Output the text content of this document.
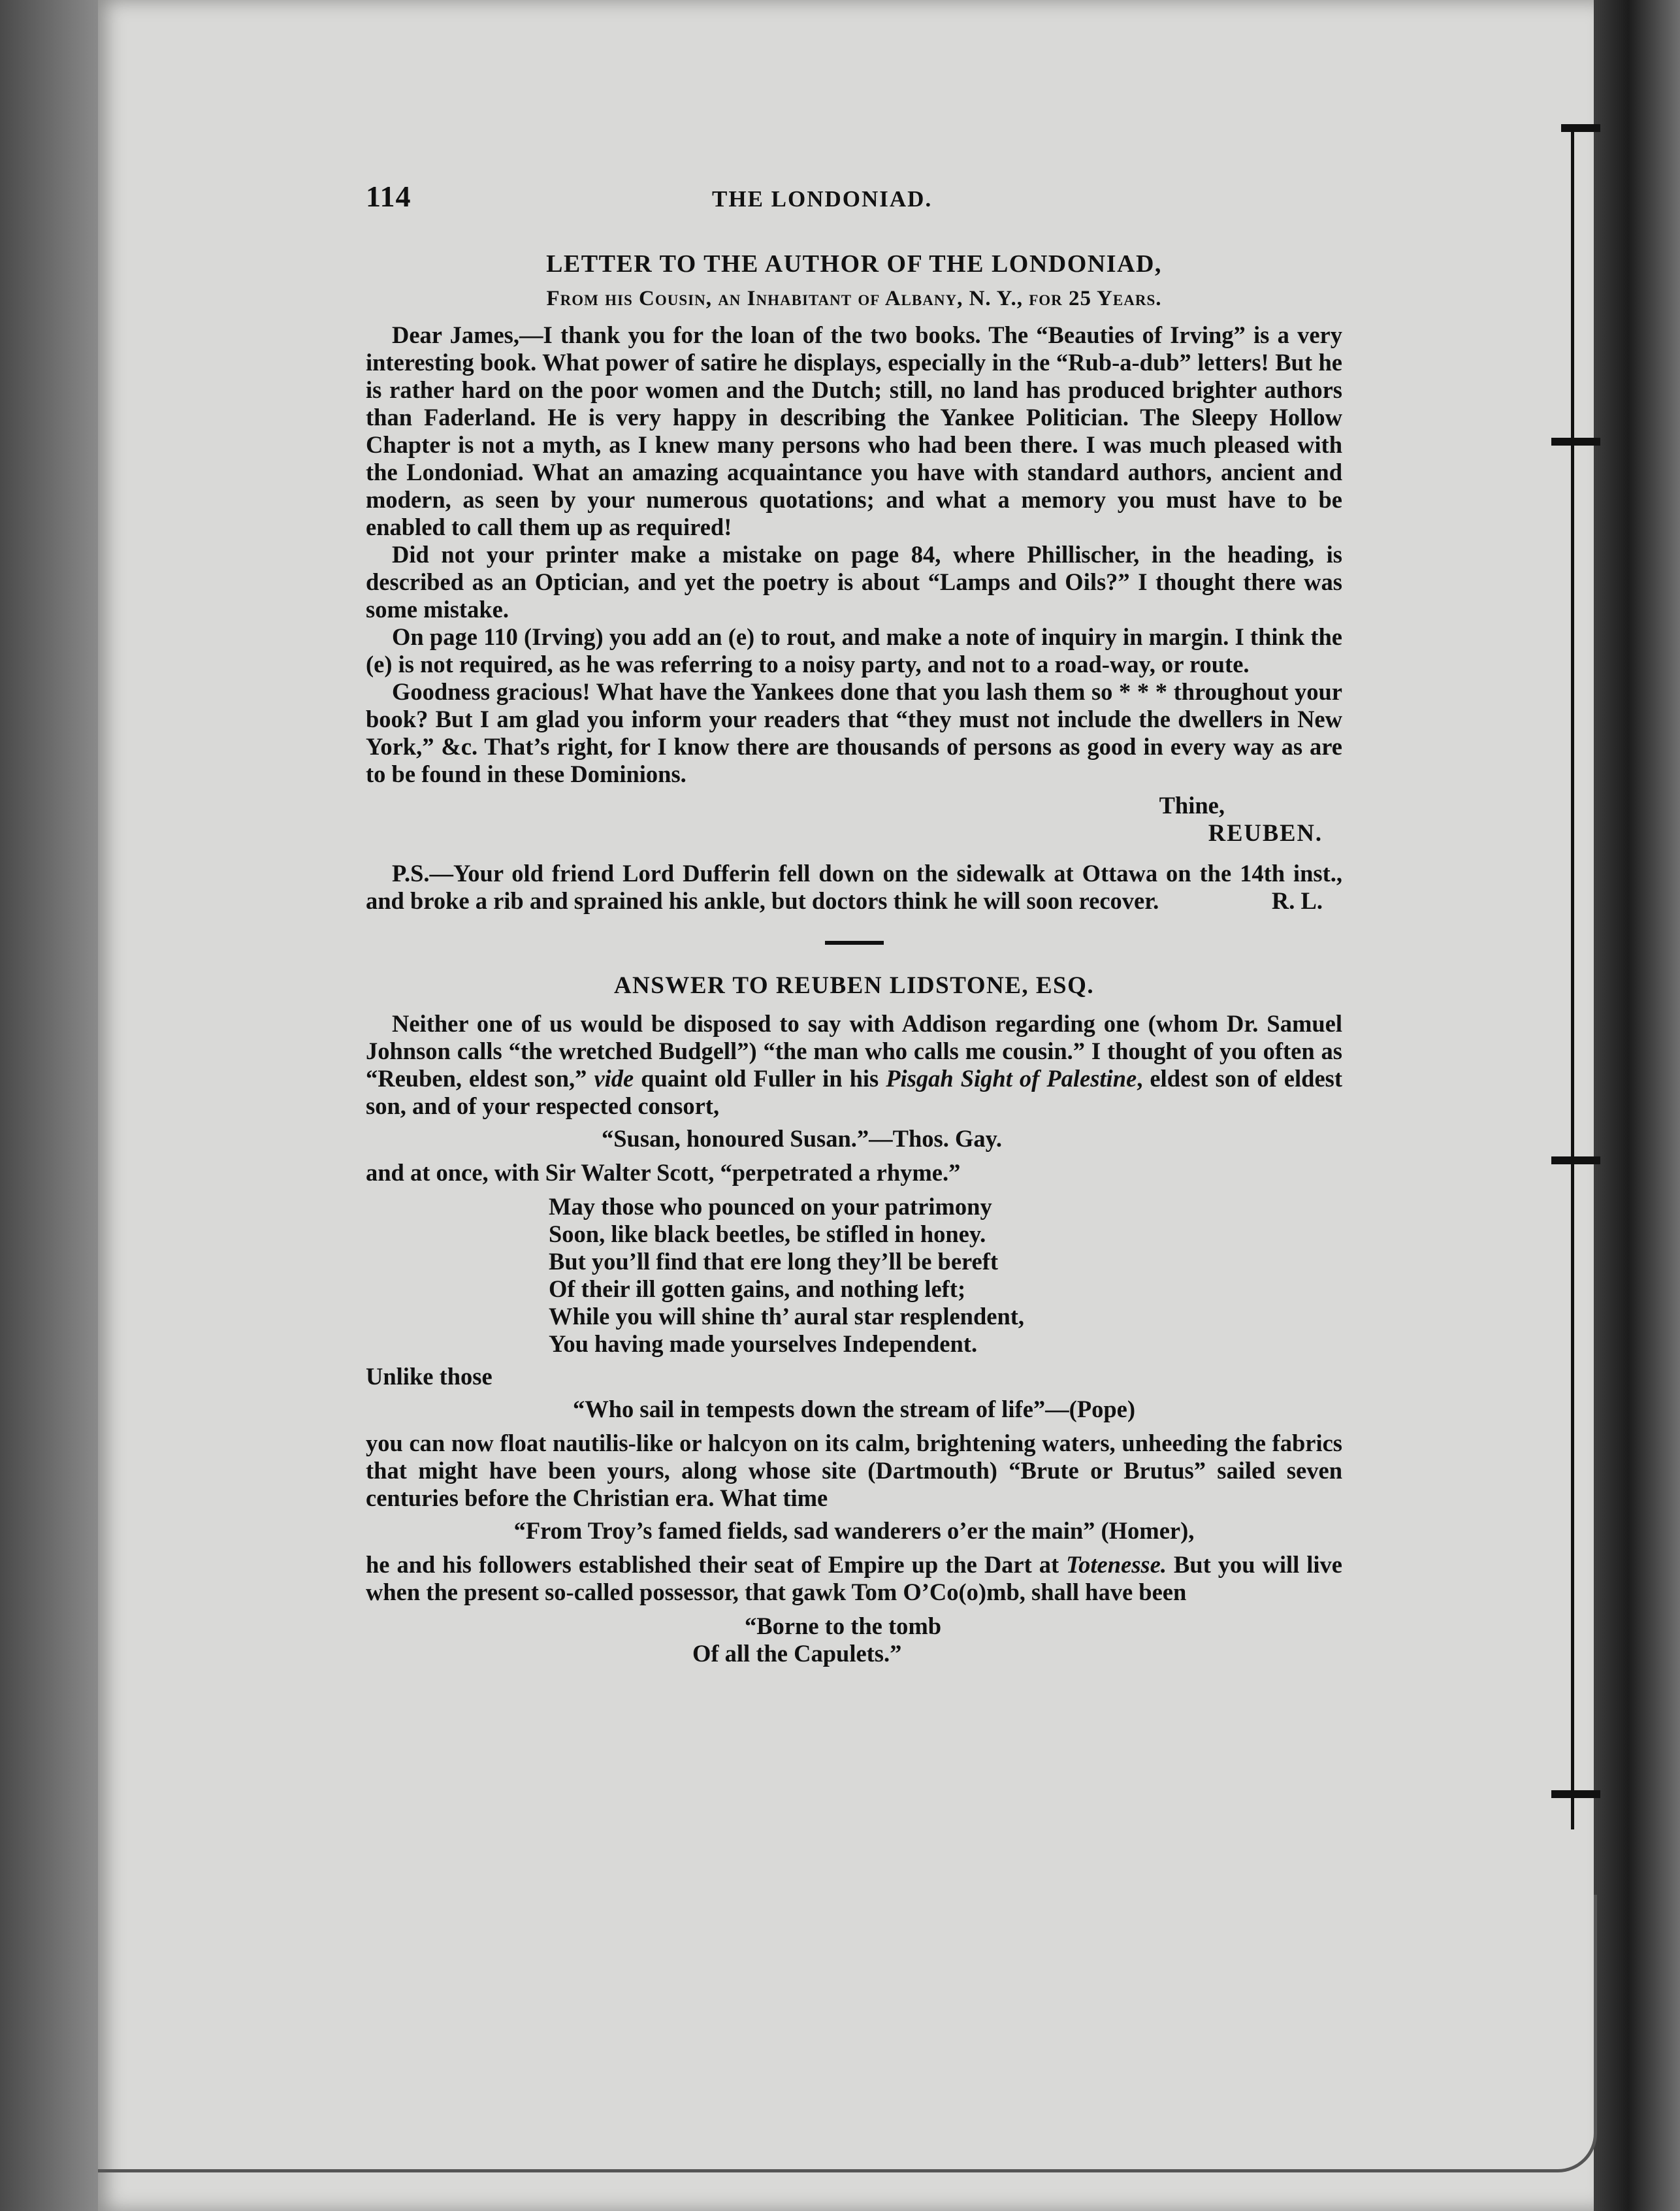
114	THE LONDONIAD.
LETTER TO THE AUTHOR OF THE LONDONIAD,
From his Cousin, an Inhabitant of Albany, N. Y., for 25 Years.

Dear James,—I thank you for the loan of the two books. The “Beauties of Irving” is a very interesting book. What power of satire he displays, especially in the “Rub-a-dub” letters! But he is rather hard on the poor women and the Dutch; still, no land has produced brighter authors than Faderland. He is very happy in describing the Yankee Politician. The Sleepy Hollow Chapter is not a myth, as I knew many persons who had been there. I was much pleased with the Londoniad. What an amazing acquaintance you have with standard authors, ancient and modern, as seen by your numerous quotations; and what a memory you must have to be enabled to call them up as required!

Did not your printer make a mistake on page 84, where Phillischer, in the heading, is described as an Optician, and yet the poetry is about “Lamps and Oils?” I thought there was some mistake.

On page 110 (Irving) you add an (e) to rout, and make a note of inquiry in margin. I think the (e) is not required, as he was referring to a noisy party, and not to a road-way, or route.

Goodness gracious! What have the Yankees done that you lash them so * * * throughout your book? But I am glad you inform your readers that “they must not include the dwellers in New York,” &c. That’s right, for I know there are thousands of persons as good in every way as are to be found in these Dominions.

Thine,
REUBEN.

P.S.—Your old friend Lord Dufferin fell down on the sidewalk at Ottawa on the 14th inst., and broke a rib and sprained his ankle, but doctors think he will soon recover.	R. L.
ANSWER TO REUBEN LIDSTONE, ESQ.

Neither one of us would be disposed to say with Addison regarding one (whom Dr. Samuel Johnson calls “the wretched Budgell”) “the man who calls me cousin.” I thought of you often as “Reuben, eldest son,” vide quaint old Fuller in his Pisgah Sight of Palestine, eldest son of eldest son, and of your respected consort,

“Susan, honoured Susan.”—Thos. Gay.

and at once, with Sir Walter Scott, “perpetrated a rhyme.”

May those who pounced on your patrimony
Soon, like black beetles, be stifled in honey.
But you’ll find that ere long they’ll be bereft
Of their ill gotten gains, and nothing left;
While you will shine th’ aural star resplendent,
You having made yourselves Independent.

Unlike those

“Who sail in tempests down the stream of life”—(Pope)

you can now float nautilis-like or halcyon on its calm, brightening waters, unheeding the fabrics that might have been yours, along whose site (Dartmouth) “Brute or Brutus” sailed seven centuries before the Christian era. What time

“From Troy’s famed fields, sad wanderers o’er the main” (Homer),

he and his followers established their seat of Empire up the Dart at Totenesse. But you will live when the present so-called possessor, that gawk Tom O’Co(o)mb, shall have been

“Borne to the tomb
Of all the Capulets.”
